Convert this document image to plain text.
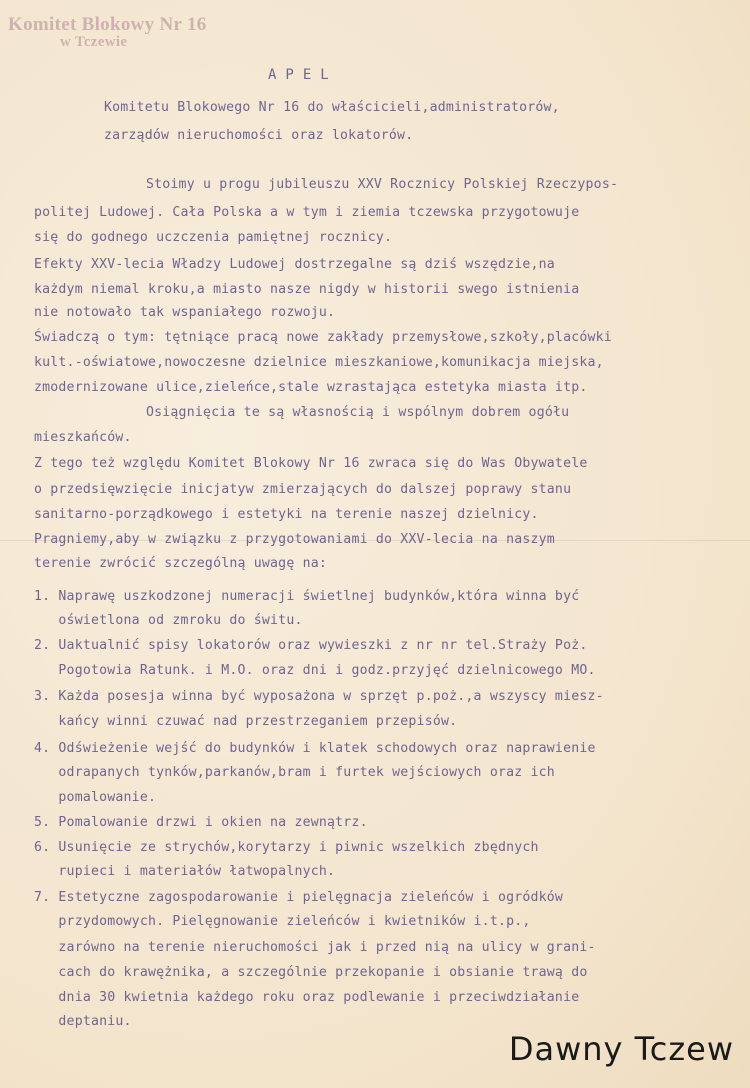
Komitet Blokowy Nr 16
w Tczewie
APEL
Komitetu Blokowego Nr 16 do właścicieli,administratorów,
zarządów nieruchomości oraz lokatorów.
Stoimy u progu jubileuszu XXV Rocznicy Polskiej Rzeczypos-
politej Ludowej. Cała Polska a w tym i ziemia tczewska przygotowuje
się do godnego uczczenia pamiętnej rocznicy.
Efekty XXV-lecia Władzy Ludowej dostrzegalne są dziś wszędzie,na
każdym niemal kroku,a miasto nasze nigdy w historii swego istnienia
nie notowało tak wspaniałego rozwoju.
Świadczą o tym: tętniące pracą nowe zakłady przemysłowe,szkoły,placówki
kult.-oświatowe,nowoczesne dzielnice mieszkaniowe,komunikacja miejska,
zmodernizowane ulice,zieleńce,stale wzrastająca estetyka miasta itp.
Osiągnięcia te są własnością i wspólnym dobrem ogółu
mieszkańców.
Z tego też względu Komitet Blokowy Nr 16 zwraca się do Was Obywatele
o przedsięwzięcie inicjatyw zmierzających do dalszej poprawy stanu
sanitarno-porządkowego i estetyki na terenie naszej dzielnicy.
Pragniemy,aby w związku z przygotowaniami do XXV-lecia na naszym
terenie zwrócić szczególną uwagę na:
1. Naprawę uszkodzonej numeracji świetlnej budynków,która winna być
oświetlona od zmroku do świtu.
2. Uaktualnić spisy lokatorów oraz wywieszki z nr nr tel.Straży Poż.
Pogotowia Ratunk. i M.O. oraz dni i godz.przyjęć dzielnicowego MO.
3. Każda posesja winna być wyposażona w sprzęt p.poż.,a wszyscy miesz-
kańcy winni czuwać nad przestrzeganiem przepisów.
4. Odświeżenie wejść do budynków i klatek schodowych oraz naprawienie
odrapanych tynków,parkanów,bram i furtek wejściowych oraz ich
pomalowanie.
5. Pomalowanie drzwi i okien na zewnątrz.
6. Usunięcie ze strychów,korytarzy i piwnic wszelkich zbędnych
rupieci i materiałów łatwopalnych.
7. Estetyczne zagospodarowanie i pielęgnacja zieleńców i ogródków
przydomowych. Pielęgnowanie zieleńców i kwietników i.t.p.,
zarówno na terenie nieruchomości jak i przed nią na ulicy w grani-
cach do krawężnika, a szczególnie przekopanie i obsianie trawą do
dnia 30 kwietnia każdego roku oraz podlewanie i przeciwdziałanie
deptaniu.
Dawny Tczew
